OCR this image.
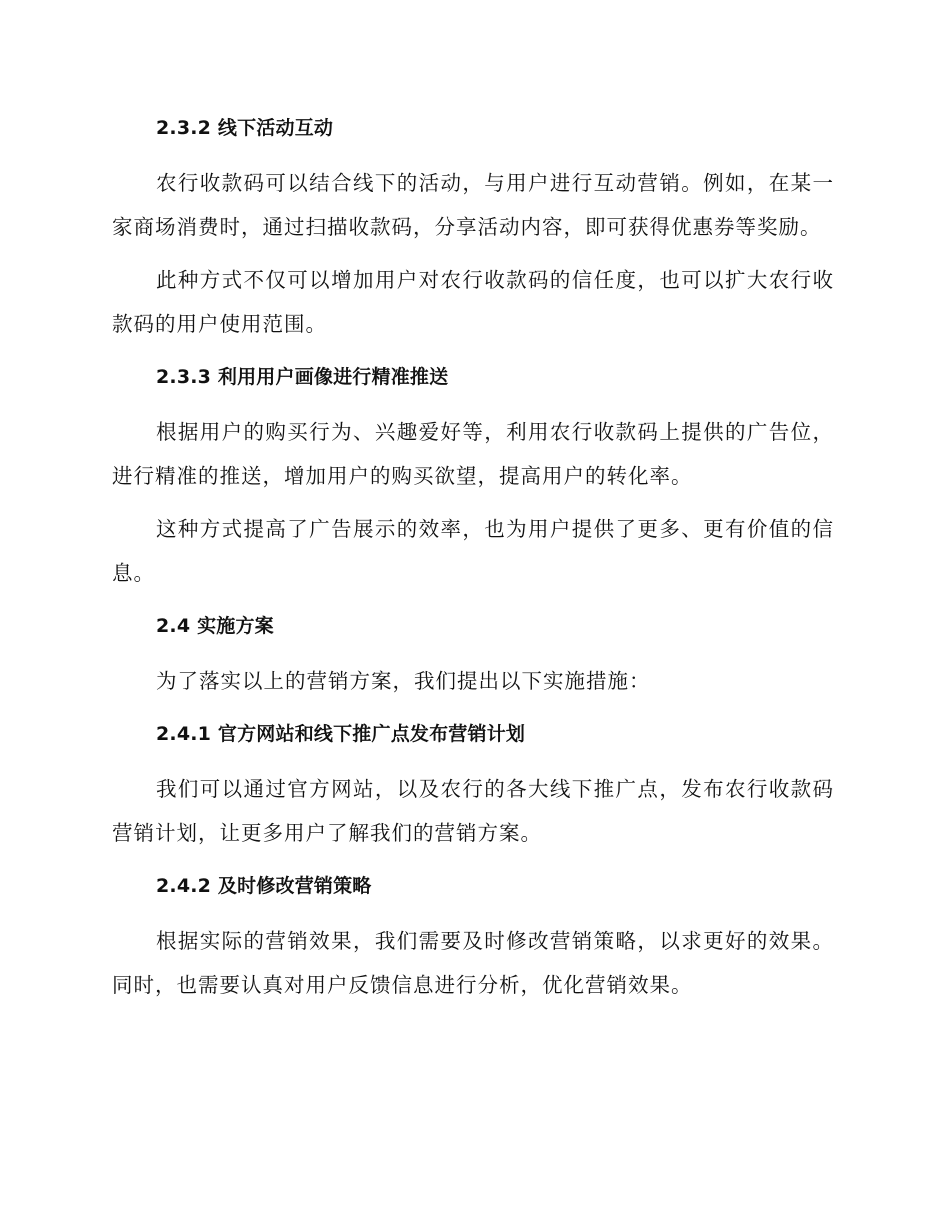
2.3.2 线下活动互动
农行收款码可以结合线下的活动，与用户进行互动营销。例如，在某一家商场消费时，通过扫描收款码，分享活动内容，即可获得优惠券等奖励。
此种方式不仅可以增加用户对农行收款码的信任度，也可以扩大农行收款码的用户使用范围。
2.3.3 利用用户画像进行精准推送
根据用户的购买行为、兴趣爱好等，利用农行收款码上提供的广告位，进行精准的推送，增加用户的购买欲望，提高用户的转化率。
这种方式提高了广告展示的效率，也为用户提供了更多、更有价值的信息。
2.4 实施方案
为了落实以上的营销方案，我们提出以下实施措施：
2.4.1 官方网站和线下推广点发布营销计划
我们可以通过官方网站，以及农行的各大线下推广点，发布农行收款码营销计划，让更多用户了解我们的营销方案。
2.4.2 及时修改营销策略
根据实际的营销效果，我们需要及时修改营销策略，以求更好的效果。同时，也需要认真对用户反馈信息进行分析，优化营销效果。
